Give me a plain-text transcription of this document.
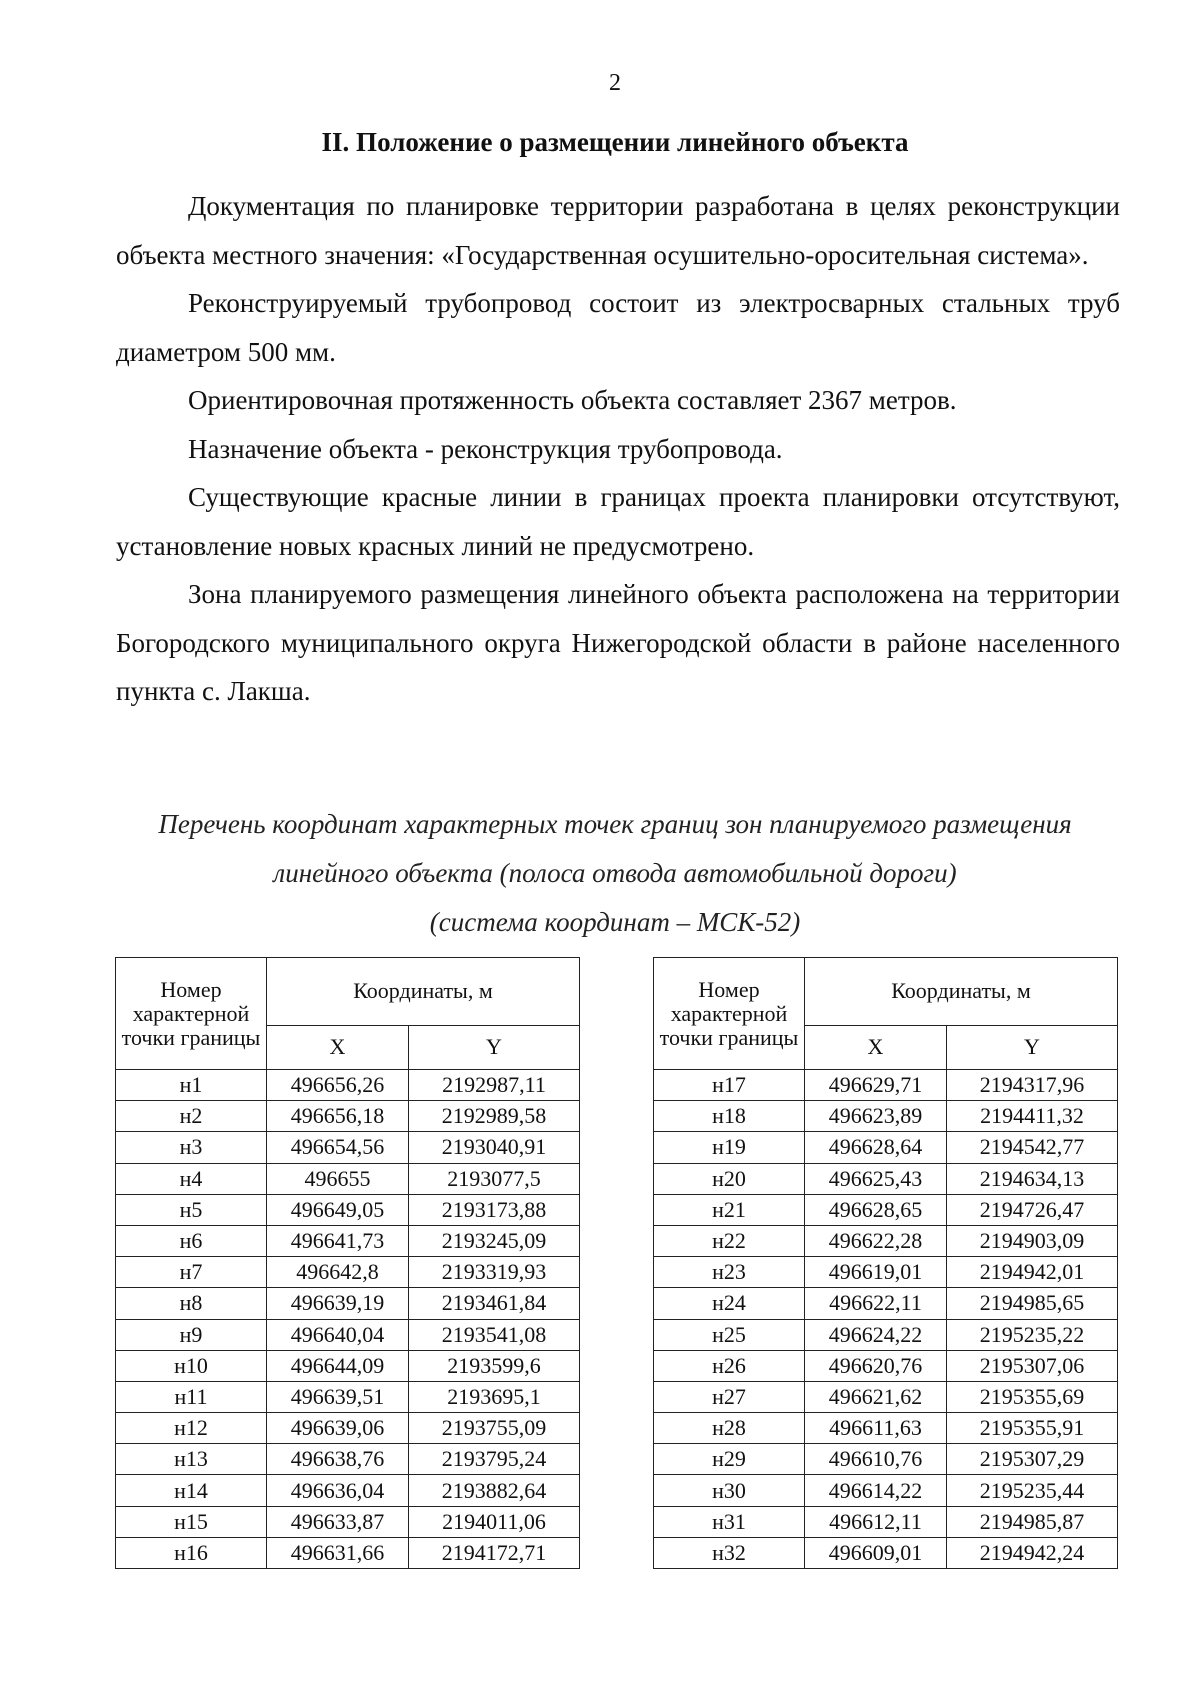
2
II. Положение о размещении линейного объекта

Документация по планировке территории разработана в целях реконструкции объекта местного значения: «Государственная осушительно-оросительная система».

Реконструируемый трубопровод состоит из электросварных стальных труб диаметром 500 мм.

Ориентировочная протяженность объекта составляет 2367 метров.

Назначение объекта - реконструкция трубопровода.

Существующие красные линии в границах проекта планировки отсутствуют, установление новых красных линий не предусмотрено.

Зона планируемого размещения линейного объекта расположена на территории Богородского муниципального округа Нижегородской области в районе населенного пункта с. Лакша.

Перечень координат характерных точек границ зон планируемого размещения
линейного объекта (полоса отвода автомобильной дороги)
(система координат – МСК-52)
Номер характерной точки границы	Координаты, м	
	X	Y
н1	496656,26	2192987,11
н2	496656,18	2192989,58
н3	496654,56	2193040,91
н4	496655	2193077,5
н5	496649,05	2193173,88
н6	496641,73	2193245,09
н7	496642,8	2193319,93
н8	496639,19	2193461,84
н9	496640,04	2193541,08
н10	496644,09	2193599,6
н11	496639,51	2193695,1
н12	496639,06	2193755,09
н13	496638,76	2193795,24
н14	496636,04	2193882,64
н15	496633,87	2194011,06
н16	496631,66	2194172,71
Номер характерной точки границы	Координаты, м	
	X	Y
н17	496629,71	2194317,96
н18	496623,89	2194411,32
н19	496628,64	2194542,77
н20	496625,43	2194634,13
н21	496628,65	2194726,47
н22	496622,28	2194903,09
н23	496619,01	2194942,01
н24	496622,11	2194985,65
н25	496624,22	2195235,22
н26	496620,76	2195307,06
н27	496621,62	2195355,69
н28	496611,63	2195355,91
н29	496610,76	2195307,29
н30	496614,22	2195235,44
н31	496612,11	2194985,87
н32	496609,01	2194942,24
